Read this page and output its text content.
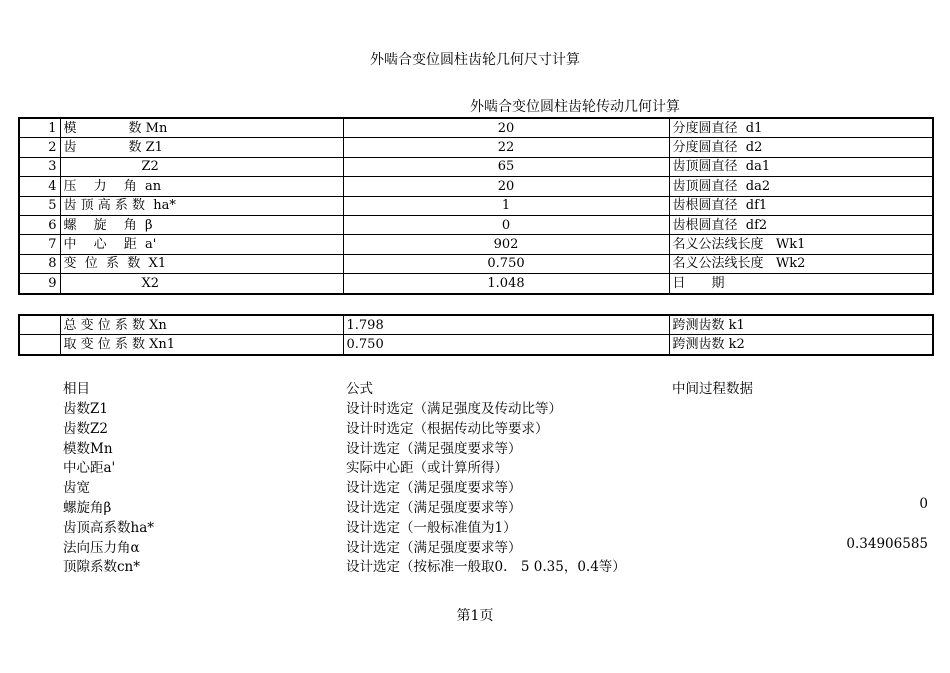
外啮合变位圆柱齿轮几何尺寸计算
外啮合变位圆柱齿轮传动几何计算
1	模　　　　数 Mn	20	分度圆直径  d1
2	齿　　　　数 Z1	22	分度圆直径  d2
3	　　　　　　Z2	65	齿顶圆直径  da1
4	压　 力　 角  an	20	齿顶圆直径  da2
5	齿 顶 高 系 数  ha*	1	齿根圆直径  df1
6	螺　 旋　 角  β	0	齿根圆直径  df2
7	中　 心　 距  a'	902	名义公法线长度   Wk1
8	变  位  系  数  X1	0.750	名义公法线长度   Wk2
9	　　　　　　X2	1.048	日　　期
	总 变 位 系 数 Xn	1.798	跨测齿数 k1
	取 变 位 系 数 Xn1	0.750	跨测齿数 k2
相目	公式	中间过程数据
齿数Z1	设计时选定（满足强度及传动比等）
齿数Z2	设计时选定（根据传动比等要求）
模数Mn	设计选定（满足强度要求等）
中心距a'	实际中心距（或计算所得）
齿宽	设计选定（满足强度要求等）
螺旋角β	设计选定（满足强度要求等）	0
齿顶高系数ha*	设计选定（一般标准值为1）
法向压力角α	设计选定（满足强度要求等）	0.34906585
顶隙系数cn*	设计选定（按标准一般取0.　5 0.35，0.4等）
第1页
